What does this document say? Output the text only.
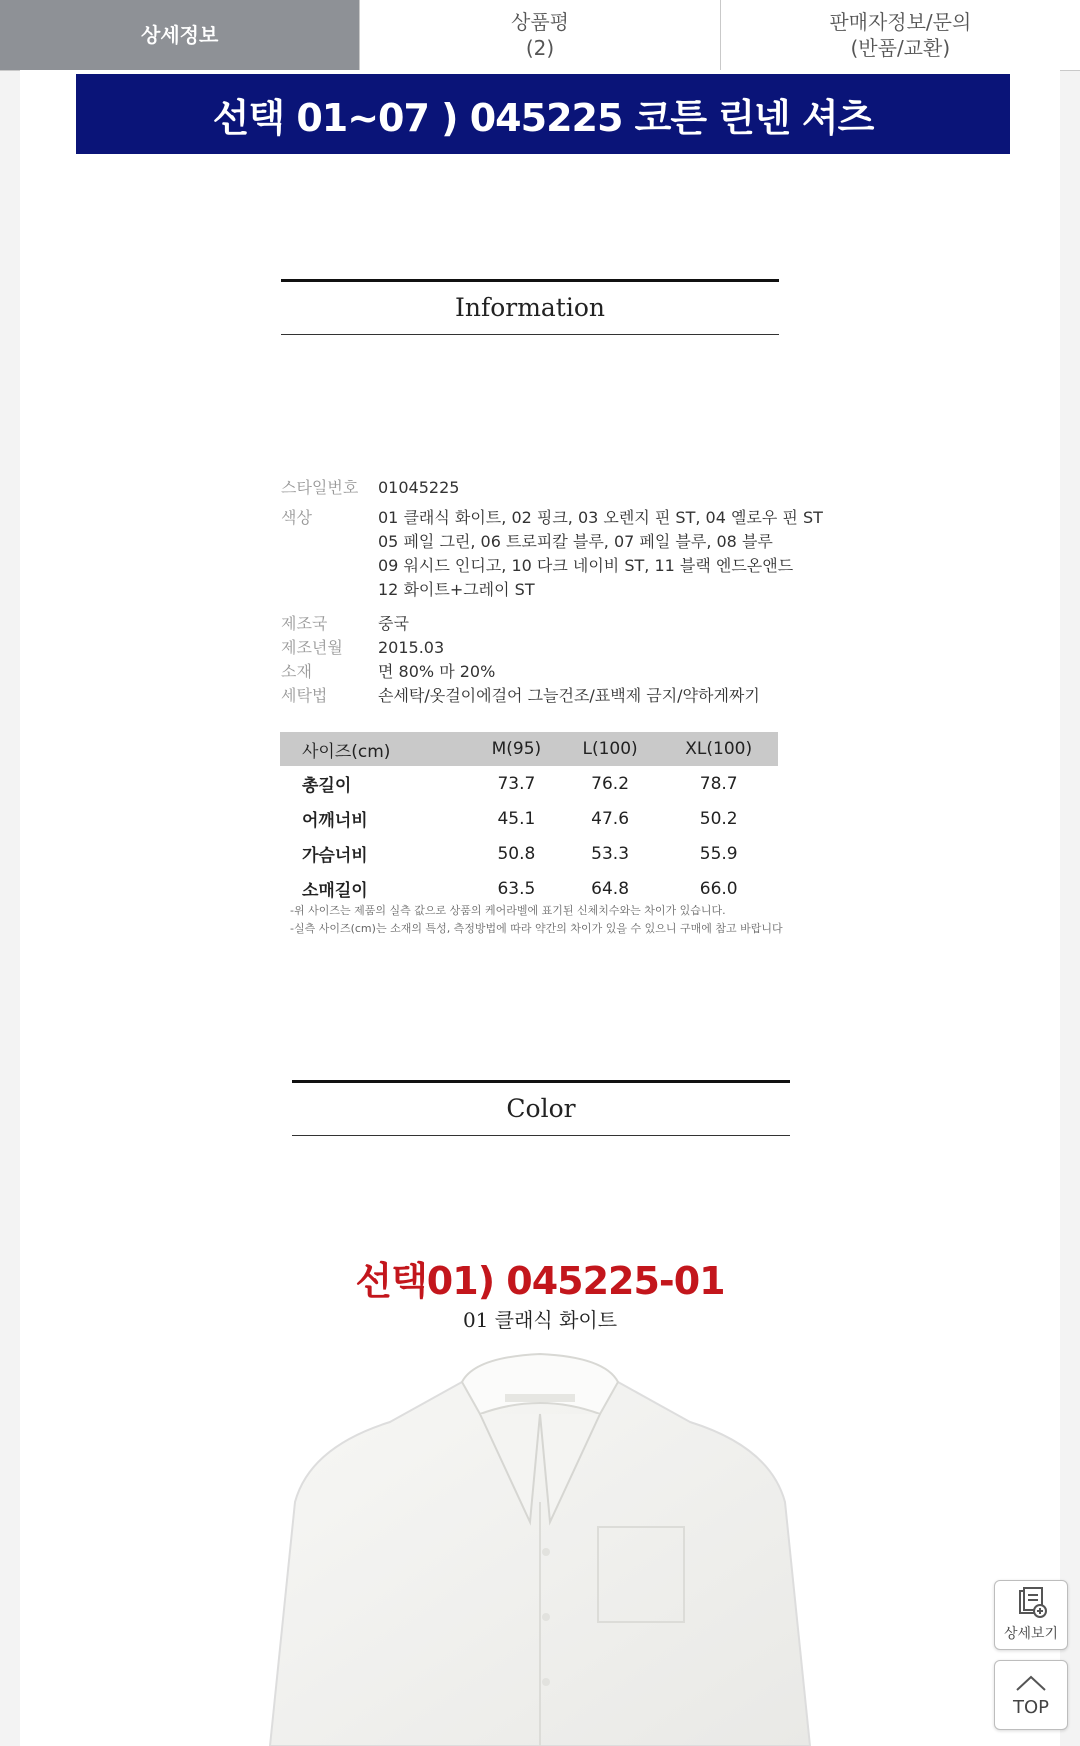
상세정보
상품평
(2)
판매자정보/문의
(반품/교환)
선택 01~07 ) 045225 코튼 린넨 셔츠
Information
스타일번호	01045225
색상	01 클래식 화이트, 02 핑크, 03 오렌지 핀 ST, 04 옐로우 핀 ST
05 페일 그린, 06 트로피칼 블루, 07 페일 블루, 08 블루
09 워시드 인디고, 10 다크 네이비 ST, 11 블랙 엔드온앤드
12 화이트+그레이 ST
제조국	중국
제조년월	2015.03
소재	면 80% 마 20%
세탁법	손세탁/옷걸이에걸어 그늘건조/표백제 금지/약하게짜기
사이즈(cm)	M(95)	L(100)	XL(100)
총길이	73.7	76.2	78.7
어깨너비	45.1	47.6	50.2
가슴너비	50.8	53.3	55.9
소매길이	63.5	64.8	66.0
-위 사이즈는 제품의 실측 값으로 상품의 케어라벨에 표기된 신체치수와는 차이가 있습니다.
-실측 사이즈(cm)는 소재의 특성, 측정방법에 따라 약간의 차이가 있을 수 있으니 구매에 참고 바랍니다
Color
선택01) 045225-01
01 클래식 화이트
상세보기
TOP
